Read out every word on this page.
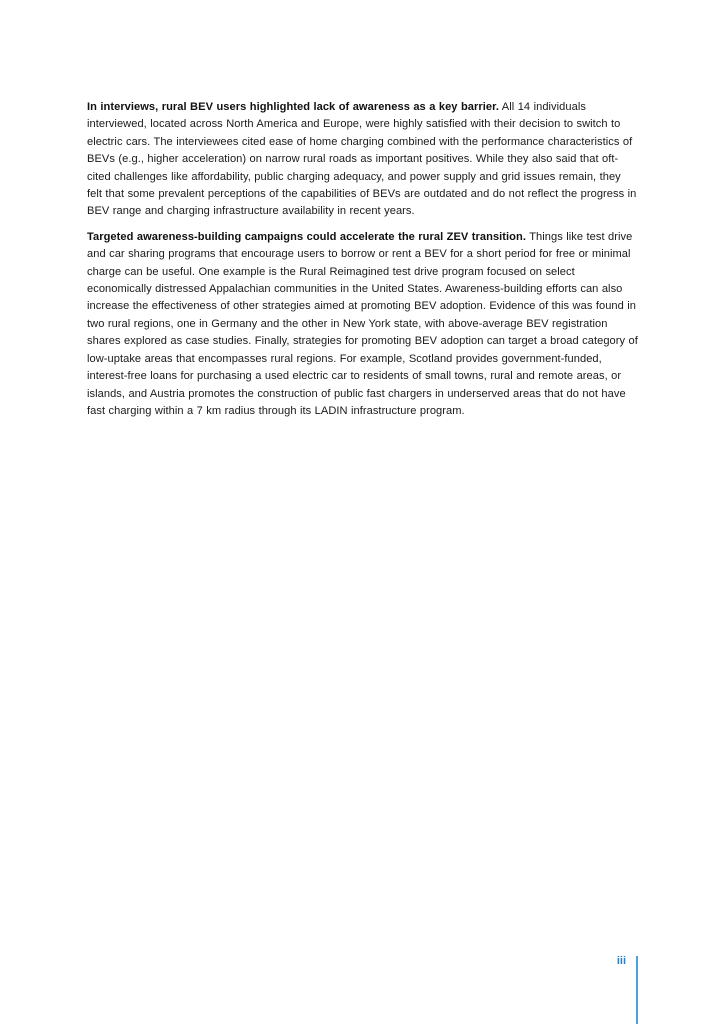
In interviews, rural BEV users highlighted lack of awareness as a key barrier. All 14 individuals interviewed, located across North America and Europe, were highly satisfied with their decision to switch to electric cars. The interviewees cited ease of home charging combined with the performance characteristics of BEVs (e.g., higher acceleration) on narrow rural roads as important positives. While they also said that oft-cited challenges like affordability, public charging adequacy, and power supply and grid issues remain, they felt that some prevalent perceptions of the capabilities of BEVs are outdated and do not reflect the progress in BEV range and charging infrastructure availability in recent years.

Targeted awareness-building campaigns could accelerate the rural ZEV transition. Things like test drive and car sharing programs that encourage users to borrow or rent a BEV for a short period for free or minimal charge can be useful. One example is the Rural Reimagined test drive program focused on select economically distressed Appalachian communities in the United States. Awareness-building efforts can also increase the effectiveness of other strategies aimed at promoting BEV adoption. Evidence of this was found in two rural regions, one in Germany and the other in New York state, with above-average BEV registration shares explored as case studies. Finally, strategies for promoting BEV adoption can target a broad category of low-uptake areas that encompasses rural regions. For example, Scotland provides government-funded, interest-free loans for purchasing a used electric car to residents of small towns, rural and remote areas, or islands, and Austria promotes the construction of public fast chargers in underserved areas that do not have fast charging within a 7 km radius through its LADIN infrastructure program.

iii
